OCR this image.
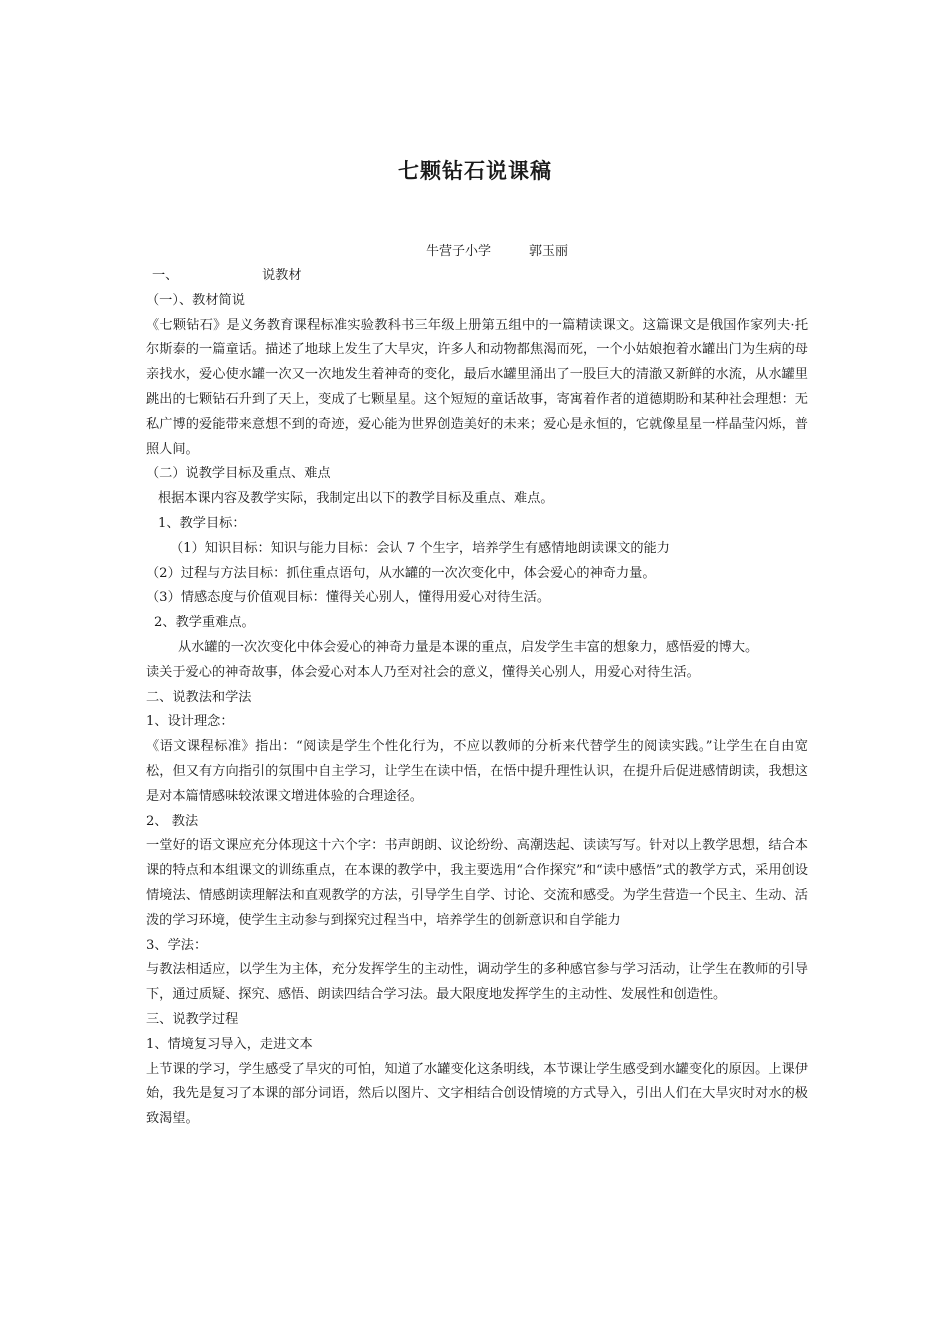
七颗钻石说课稿
牛营子小学	郭玉丽

一、	说教材

（一）、教材简说

《七颗钻石》是义务教育课程标准实验教科书三年级上册第五组中的一篇精读课文。这篇课文是俄国作家列夫·托尔斯泰的一篇童话。描述了地球上发生了大旱灾，许多人和动物都焦渴而死，一个小姑娘抱着水罐出门为生病的母亲找水，爱心使水罐一次又一次地发生着神奇的变化，最后水罐里涌出了一股巨大的清澈又新鲜的水流，从水罐里跳出的七颗钻石升到了天上，变成了七颗星星。这个短短的童话故事，寄寓着作者的道德期盼和某种社会理想：无私广博的爱能带来意想不到的奇迹，爱心能为世界创造美好的未来；爱心是永恒的，它就像星星一样晶莹闪烁，普照人间。

（二）说教学目标及重点、难点

根据本课内容及教学实际，我制定出以下的教学目标及重点、难点。

1、教学目标：

（1）知识目标：知识与能力目标：会认 7 个生字，培养学生有感情地朗读课文的能力

（2）过程与方法目标：抓住重点语句，从水罐的一次次变化中，体会爱心的神奇力量。

（3）情感态度与价值观目标：懂得关心别人，懂得用爱心对待生活。

2、教学重难点。

从水罐的一次次变化中体会爱心的神奇力量是本课的重点，启发学生丰富的想象力，感悟爱的博大。

读关于爱心的神奇故事，体会爱心对本人乃至对社会的意义，懂得关心别人，用爱心对待生活。

二、说教法和学法

1、设计理念：

《语文课程标准》指出：“阅读是学生个性化行为，不应以教师的分析来代替学生的阅读实践。”让学生在自由宽松，但又有方向指引的氛围中自主学习，让学生在读中悟，在悟中提升理性认识，在提升后促进感情朗读，我想这是对本篇情感味较浓课文增进体验的合理途径。

2、 教法

一堂好的语文课应充分体现这十六个字：书声朗朗、议论纷纷、高潮迭起、读读写写。针对以上教学思想，结合本课的特点和本组课文的训练重点，在本课的教学中，我主要选用“合作探究”和“读中感悟”式的教学方式，采用创设情境法、情感朗读理解法和直观教学的方法，引导学生自学、讨论、交流和感受。为学生营造一个民主、生动、活泼的学习环境，使学生主动参与到探究过程当中，培养学生的创新意识和自学能力

3、学法：

与教法相适应，以学生为主体，充分发挥学生的主动性，调动学生的多种感官参与学习活动，让学生在教师的引导下，通过质疑、探究、感悟、朗读四结合学习法。最大限度地发挥学生的主动性、发展性和创造性。

三、说教学过程

1、情境复习导入，走进文本

上节课的学习，学生感受了旱灾的可怕，知道了水罐变化这条明线，本节课让学生感受到水罐变化的原因。上课伊始，我先是复习了本课的部分词语，然后以图片、文字相结合创设情境的方式导入，引出人们在大旱灾时对水的极致渴望。
